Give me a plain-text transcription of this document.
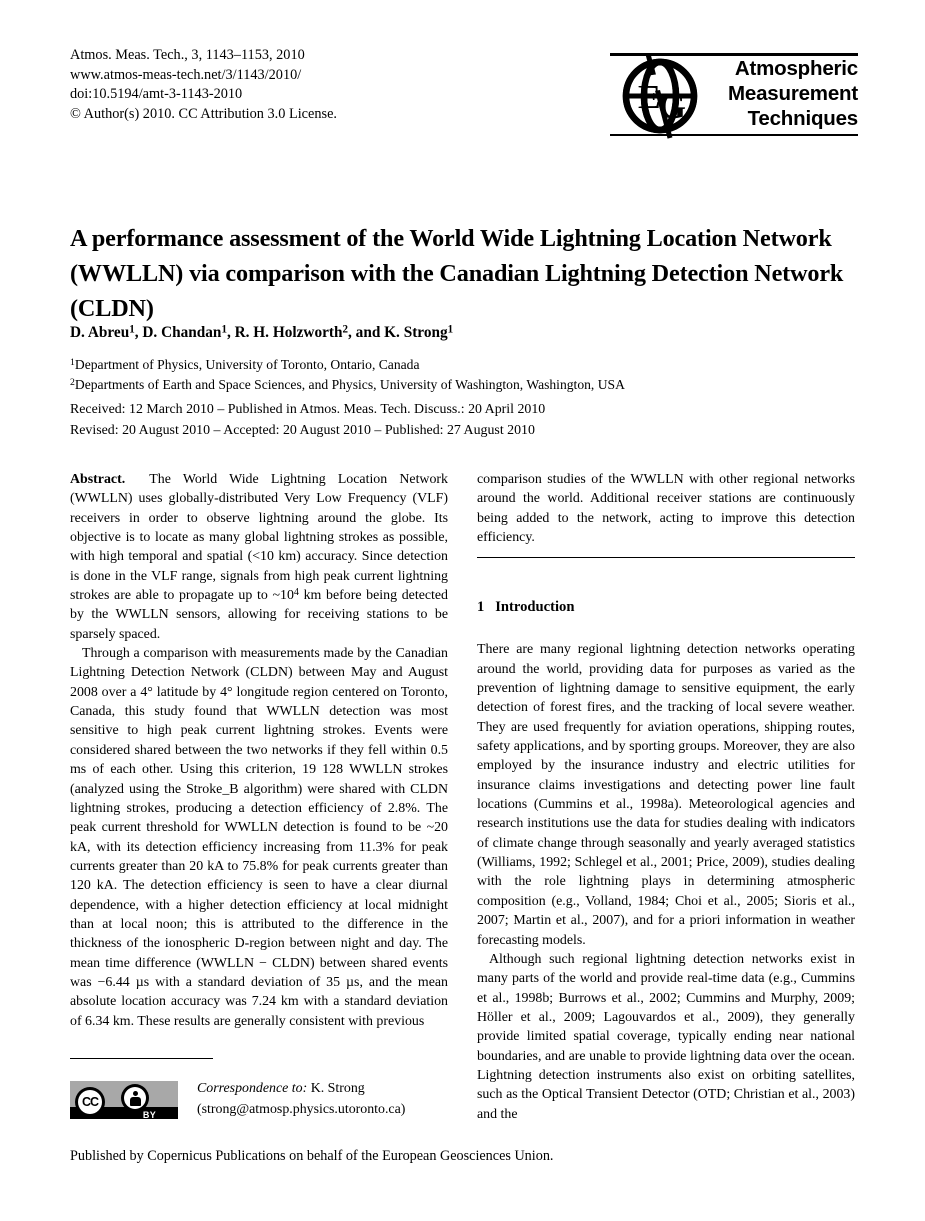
Atmos. Meas. Tech., 3, 1143–1153, 2010
www.atmos-meas-tech.net/3/1143/2010/
doi:10.5194/amt-3-1143-2010
© Author(s) 2010. CC Attribution 3.0 License.	E
G
Atmospheric
Measurement
Techniques
A performance assessment of the World Wide Lightning Location Network (WWLLN) via comparison with the Canadian Lightning Detection Network (CLDN)
D. Abreu$^1$, D. Chandan$^1$, R. H. Holzworth$^2$, and K. Strong$^1$
$^1$Department of Physics, University of Toronto, Ontario, Canada
$^2$Departments of Earth and Space Sciences, and Physics, University of Washington, Washington, USA
Received: 12 March 2010 – Published in Atmos. Meas. Tech. Discuss.: 20 April 2010
Revised: 20 August 2010 – Accepted: 20 August 2010 – Published: 27 August 2010

Abstract. The World Wide Lightning Location Network (WWLLN) uses globally-distributed Very Low Frequency (VLF) receivers in order to observe lightning around the globe. Its objective is to locate as many global lightning strokes as possible, with high temporal and spatial (<10 km) accuracy. Since detection is done in the VLF range, signals from high peak current lightning strokes are able to propagate up to $\sim 10^4$ km before being detected by the WWLLN sensors, allowing for receiving stations to be sparsely spaced.

Through a comparison with measurements made by the Canadian Lightning Detection Network (CLDN) between May and August 2008 over a 4° latitude by 4° longitude region centered on Toronto, Canada, this study found that WWLLN detection was most sensitive to high peak current lightning strokes. Events were considered shared between the two networks if they fell within 0.5 ms of each other. Using this criterion, 19 128 WWLLN strokes (analyzed using the Stroke_B algorithm) were shared with CLDN lightning strokes, producing a detection efficiency of 2.8%. The peak current threshold for WWLLN detection is found to be ~20 kA, with its detection efficiency increasing from 11.3% for peak currents greater than 20 kA to 75.8% for peak currents greater than 120 kA. The detection efficiency is seen to have a clear diurnal dependence, with a higher detection efficiency at local midnight than at local noon; this is attributed to the difference in the thickness of the ionospheric D-region between night and day. The mean time difference (WWLLN − CLDN) between shared events was −6.44 µs with a standard deviation of 35 µs, and the mean absolute location accuracy was 7.24 km with a standard deviation of 6.34 km. These results are generally consistent with previous

comparison studies of the WWLLN with other regional networks around the world. Additional receiver stations are continuously being added to the network, acting to improve this detection efficiency.

1 Introduction

There are many regional lightning detection networks operating around the world, providing data for purposes as varied as the prevention of lightning damage to sensitive equipment, the early detection of forest fires, and the tracking of local severe weather. They are used frequently for aviation operations, shipping routes, safety applications, and by sporting groups. Moreover, they are also employed by the insurance industry and electric utilities for insurance claims investigations and detecting power line fault locations (Cummins et al., 1998a). Meteorological agencies and research institutions use the data for studies dealing with indicators of climate change through seasonally and yearly averaged statistics (Williams, 1992; Schlegel et al., 2001; Price, 2009), studies dealing with the role lightning plays in determining atmospheric composition (e.g., Volland, 1984; Choi et al., 2005; Sioris et al., 2007; Martin et al., 2007), and for a priori information in weather forecasting models.

Although such regional lightning detection networks exist in many parts of the world and provide real-time data (e.g., Cummins et al., 1998b; Burrows et al., 2002; Cummins and Murphy, 2009; Höller et al., 2009; Lagouvardos et al., 2009), they generally provide limited spatial coverage, typically ending near national boundaries, and are unable to provide lightning data over the ocean. Lightning detection instruments also exist on orbiting satellites, such as the Optical Transient Detector (OTD; Christian et al., 2003) and the

BY
CC
Correspondence to: K. Strong
(strong@atmosp.physics.utoronto.ca)
Published by Copernicus Publications on behalf of the European Geosciences Union.
